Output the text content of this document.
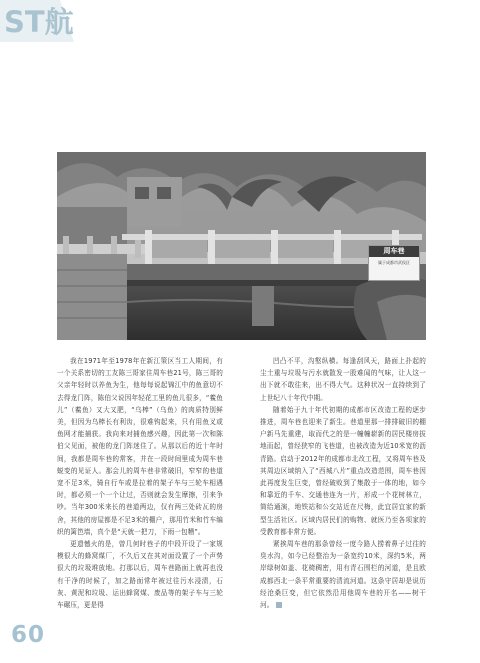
ST航
周车巷
属于成都市武侯区

我在1971年至1978年在新江策区当工人期间，有一个关系密切的工友陈三哥家住周车巷21号，陈三哥的父亲年轻时以养鱼为生，他每每说起锦江中的鱼意切不去得龙门阵，陈伯父说因年轻花工里的鱼儿很多，“鲝鱼儿”（鲝鱼）又大又肥，“乌棒”（乌鱼）的肉质特别鲜美，但因为乌棒长有利齿，很难钩起来，只有用鱼叉或鱼网才能捕获。我向来对捕鱼感兴趣，因此第一次和陈伯父见面，被他的龙门阵迷住了。从那以后的近十年时间，我都是周车巷的常客，并在一段时间里成为周车巷蜕变的见证人。那会儿的周车巷非常破旧，窄窄的巷道宽不足3米，骑自行车或是拉着的架子车与三轮车相遇时，都必须一个一个让过，否则就会发生摩擦，引来争吵。当年300米来长的巷道两边，仅有两三处砖瓦的房舍，其他的房屋都是不足3米的棚户，那用竹米和竹车编织的篱笆墙，真个是“天就一把刀，下雨一包糟”。

更遗憾火的是，曾几何时巷子的中段开设了一家规模很大的蜂窝煤厂，不久后又在其对面设置了一个声势很大的垃圾堆放地。打那以后，周车巷路面上就再也没有干净的时候了，加之路面常年被过往污水浸渍，石灰、黄泥和垃圾、运出蜂窝煤、废品等的架子车与三轮车碾压，更是得

凹凸不平，沟壑纵横。每逢刮风天，路面上扑起的尘土重与垃圾与污水就散发一股难闻的气味，让人这一出下就不敢往来，出不得大气。这种状况一直持续到了上世纪八十年代中期。

随着始于九十年代初期的成都市区改造工程的逐步推进，周车巷也迎来了新生。巷道里那一排排破旧的棚户新马先重建，取而代之的是一幢幢崭新的居民楼房拔地而起，曾经狭窄的飞巷道，也被改造为近10米宽的沥青路。启动于2012年的成都市北改工程，又将周车巷及其周边区域纳入了“西城八片”重点改造范围，周车巷因此再度发生巨变，曾经破败到了集散于一体的地，如今和靠近的千车、交通巷连为一片，形成一个花树林立，简给通演，地铁站和公交站近在尺梅，此宜居宜家的新型生活社区。区域内居民们的购物、就医乃至各项家的受教育都非常方便。

紧挨周车巷的那条曾经一度今路人捞着鼻子过往的臭水沟，如今已经整治为一条宽约10米，深约5米，两岸绿树如盖、花椅稠密，用有青石围栏的河道，是且欧成都西北一条平常重要的清流河道。这条守居却是说历经沧桑巨变，但它依然沿用他周车巷的开名——树干河。

60
